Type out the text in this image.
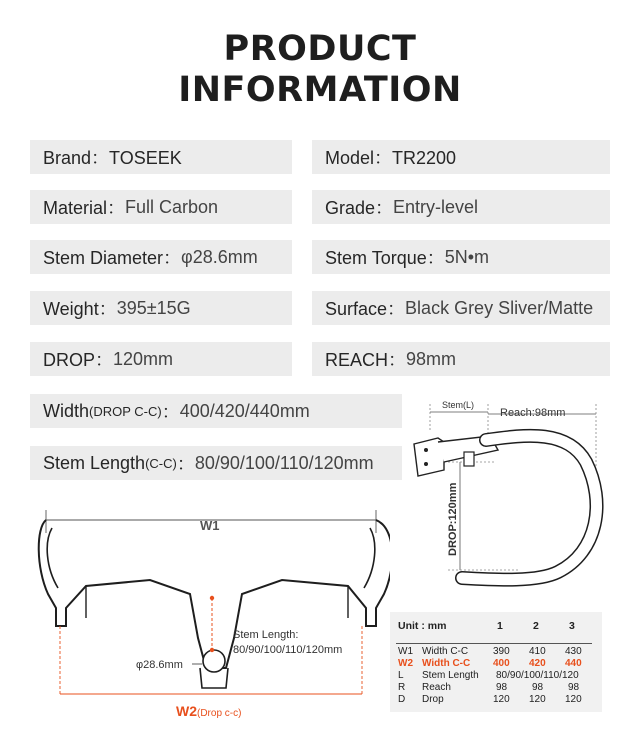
PRODUCT
INFORMATION
Brand：TOSEEK	Model：TR2200
Material： Full Carbon	Grade： Entry-level
Stem Diameter： φ28.6mm	Stem Torque： 5N•m
Weight： 395±15G	Surface： Black Grey Sliver/Matte
DROP： 120mm	REACH： 98mm
Width (DROP C-C) ： 400/420/440mm
Stem Length (C-C) ： 80/90/100/110/120mm
Stem(L)
Reach:98mm
DROP:120mm
W1
W2(Drop c-c)
Stem Length:
80/90/100/110/120mm
φ28.6mm
Unit : mm	1	2	3
W1 Width C-C 390 410 430
W2 Width C-C 400 420 440
L Stem Length 80/90/100/110/120
R Reach	98 98 98
D Drop	120 120 120
